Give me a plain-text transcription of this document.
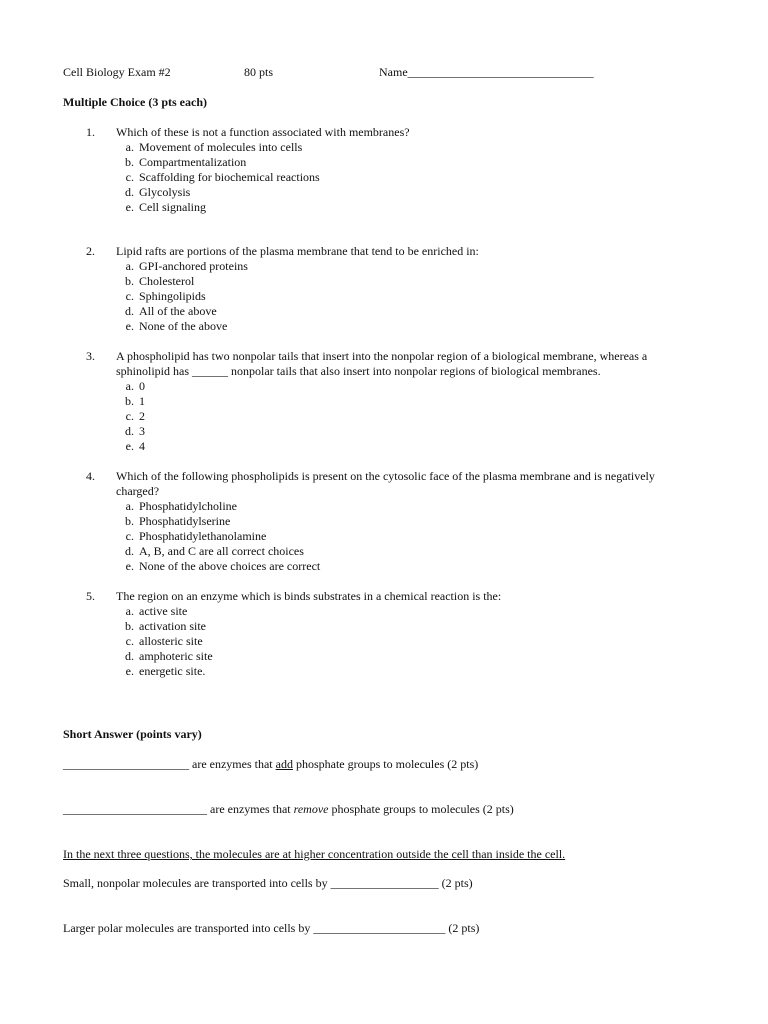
Cell Biology Exam #2	80 pts	Name_______________________________
Multiple Choice (3 pts each)
1. Which of these is not a function associated with membranes?
a. Movement of molecules into cells
b. Compartmentalization
c. Scaffolding for biochemical reactions
d. Glycolysis
e. Cell signaling
2. Lipid rafts are portions of the plasma membrane that tend to be enriched in:
a. GPI-anchored proteins
b. Cholesterol
c. Sphingolipids
d. All of the above
e. None of the above
3. A phospholipid has two nonpolar tails that insert into the nonpolar region of a biological membrane, whereas a sphinolipid has ______ nonpolar tails that also insert into nonpolar regions of biological membranes.
a. 0
b. 1
c. 2
d. 3
e. 4
4. Which of the following phospholipids is present on the cytosolic face of the plasma membrane and is negatively charged?
a. Phosphatidylcholine
b. Phosphatidylserine
c. Phosphatidylethanolamine
d. A, B, and C are all correct choices
e. None of the above choices are correct
5. The region on an enzyme which is binds substrates in a chemical reaction is the:
a. active site
b. activation site
c. allosteric site
d. amphoteric site
e. energetic site.
Short Answer (points vary)
_____________________ are enzymes that add phosphate groups to molecules (2 pts)
________________________ are enzymes that remove phosphate groups to molecules (2 pts)
In the next three questions, the molecules are at higher concentration outside the cell than inside the cell.
Small, nonpolar molecules are transported into cells by __________________ (2 pts)
Larger polar molecules are transported into cells by ______________________ (2 pts)
